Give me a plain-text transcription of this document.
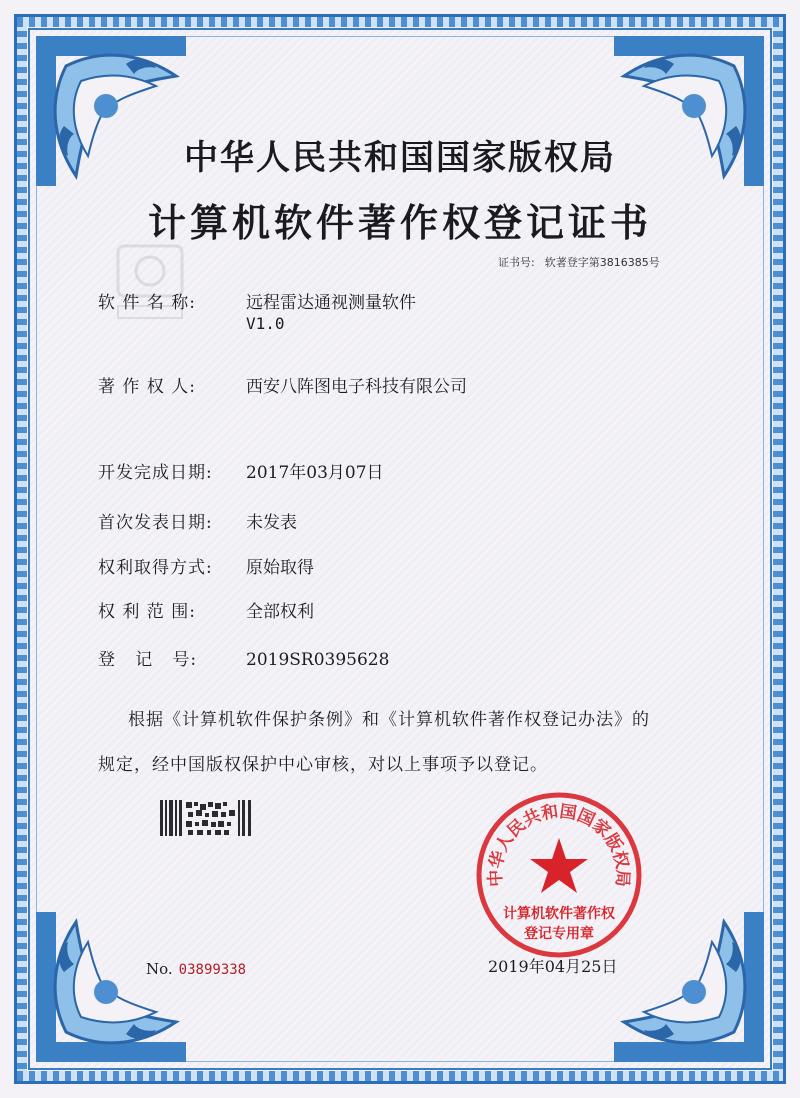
中华人民共和国国家版权局
计算机软件著作权登记证书
证书号: 软著登字第3816385号
软 件 名 称:	远程雷达通视测量软件
V1.0
著 作 权 人:	西安八阵图电子科技有限公司
开发完成日期: 2017年03月07日
首次发表日期: 未发表
权利取得方式: 原始取得
权 利 范 围:	全部权利
登   记   号:	2019SR0395628
根据《计算机软件保护条例》和《计算机软件著作权登记办法》的
规定，经中国版权保护中心审核，对以上事项予以登记。
中华人民共和国国家版权局
计算机软件著作权
登记专用章
No. 03899338	2019年04月25日
